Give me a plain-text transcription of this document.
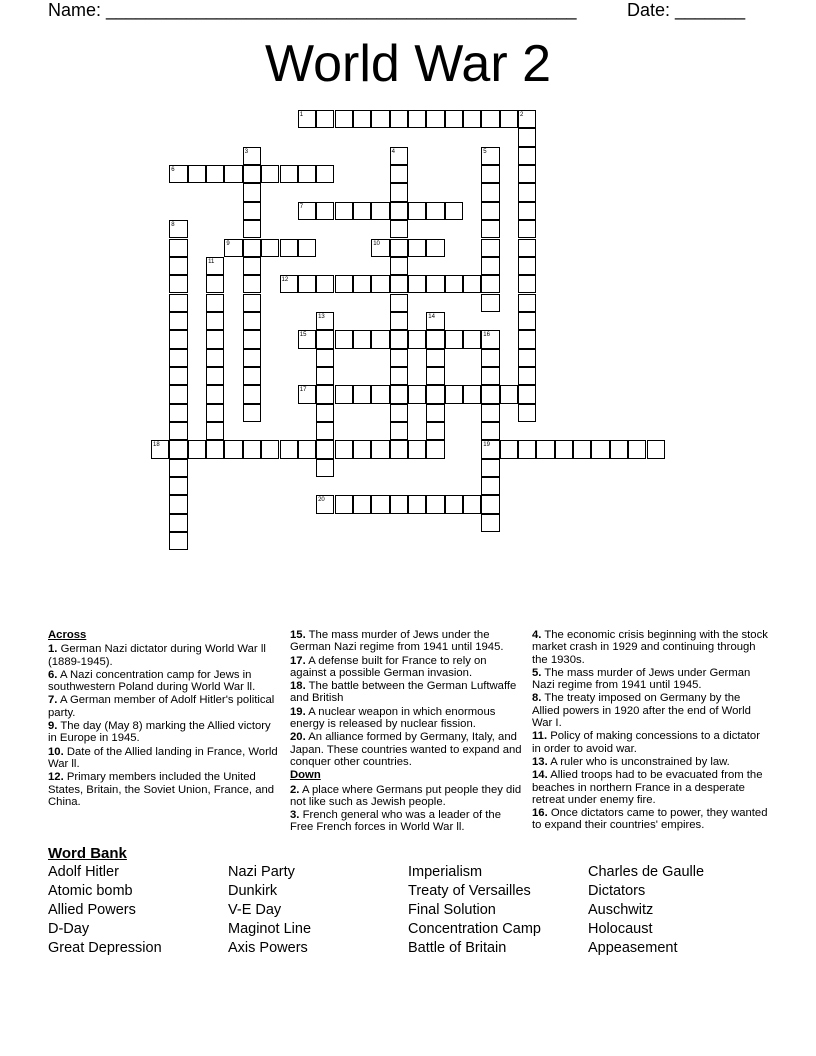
Name: _______________________________________________	Date: _______
World War 2
1	2
3	4	5
6
7
8
9	10
11
12
13	14
15	16
17
18	19
20
Across
1. German Nazi dictator during World War ll (1889-1945).
6. A Nazi concentration camp for Jews in southwestern Poland during World War ll.
7. A German member of Adolf Hitler's political party.
9. The day (May 8) marking the Allied victory in Europe in 1945.
10. Date of the Allied landing in France, World War ll.
12. Primary members included the United States, Britain, the Soviet Union, France, and China.
15. The mass murder of Jews under the German Nazi regime from 1941 until 1945.
17. A defense built for France to rely on against a possible German invasion.
18. The battle between the German Luftwaffe and British
19. A nuclear weapon in which enormous energy is released by nuclear fission.
20. An alliance formed by Germany, Italy, and Japan. These countries wanted to expand and conquer other countries.
Down
2. A place where Germans put people they did not like such as Jewish people.
3. French general who was a leader of the Free French forces in World War ll.
4. The economic crisis beginning with the stock market crash in 1929 and continuing through the 1930s.
5. The mass murder of Jews under German Nazi regime from 1941 until 1945.
8. The treaty imposed on Germany by the Allied powers in 1920 after the end of World War I.
11. Policy of making concessions to a dictator in order to avoid war.
13. A ruler who is unconstrained by law.
14. Allied troops had to be evacuated from the beaches in northern France in a desperate retreat under enemy fire.
16. Once dictators came to power, they wanted to expand their countries' empires.
Word Bank
Adolf Hitler
Atomic bomb
Allied Powers
D-Day
Great Depression
Nazi Party
Dunkirk
V-E Day
Maginot Line
Axis Powers
Imperialism
Treaty of Versailles
Final Solution
Concentration Camp
Battle of Britain
Charles de Gaulle
Dictators
Auschwitz
Holocaust
Appeasement
